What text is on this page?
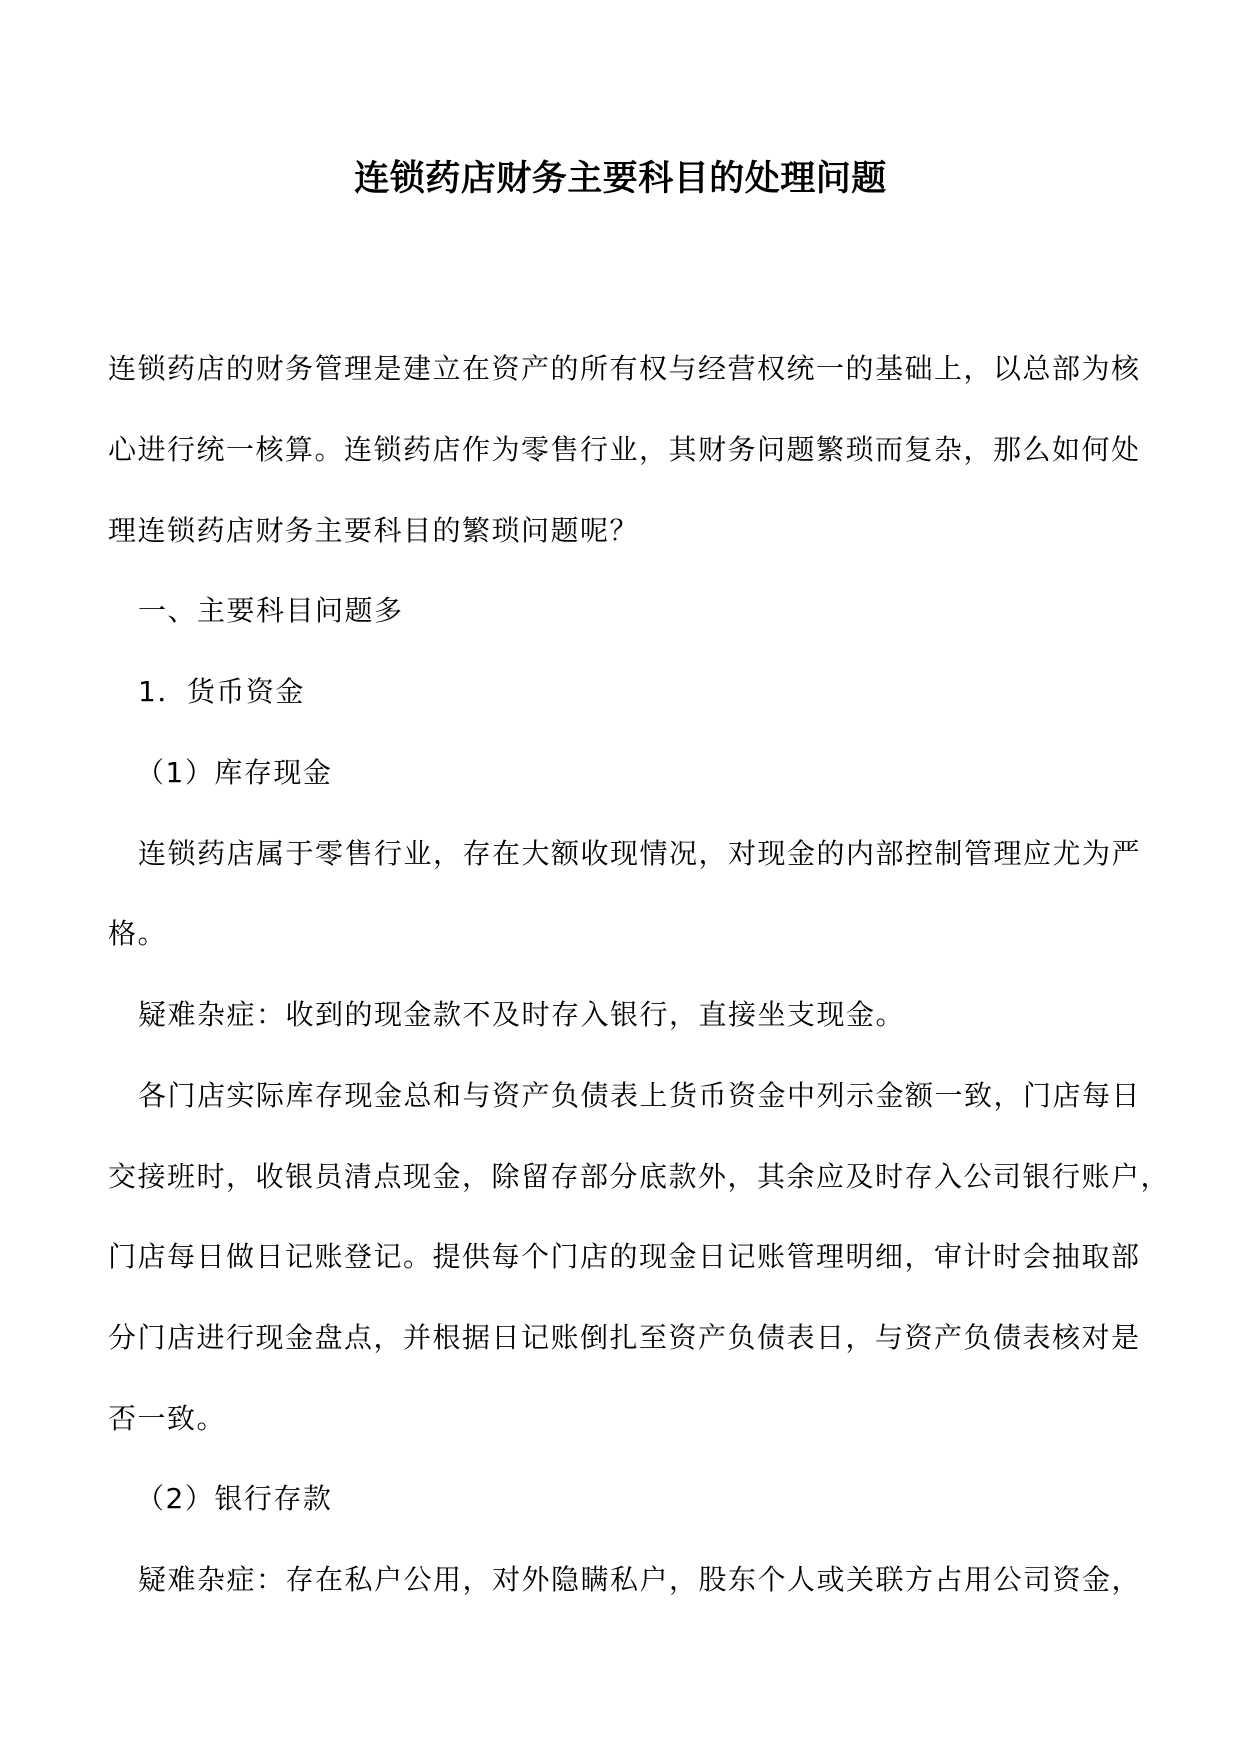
连锁药店财务主要科目的处理问题
连锁药店的财务管理是建立在资产的所有权与经营权统一的基础上，以总部为核
心进行统一核算。连锁药店作为零售行业，其财务问题繁琐而复杂，那么如何处
理连锁药店财务主要科目的繁琐问题呢？
一、主要科目问题多
1．货币资金
（1）库存现金
连锁药店属于零售行业，存在大额收现情况，对现金的内部控制管理应尤为严
格。
疑难杂症：收到的现金款不及时存入银行，直接坐支现金。
各门店实际库存现金总和与资产负债表上货币资金中列示金额一致，门店每日
交接班时，收银员清点现金，除留存部分底款外，其余应及时存入公司银行账户，
门店每日做日记账登记。提供每个门店的现金日记账管理明细，审计时会抽取部
分门店进行现金盘点，并根据日记账倒扎至资产负债表日，与资产负债表核对是
否一致。
（2）银行存款
疑难杂症：存在私户公用，对外隐瞒私户，股东个人或关联方占用公司资金，
